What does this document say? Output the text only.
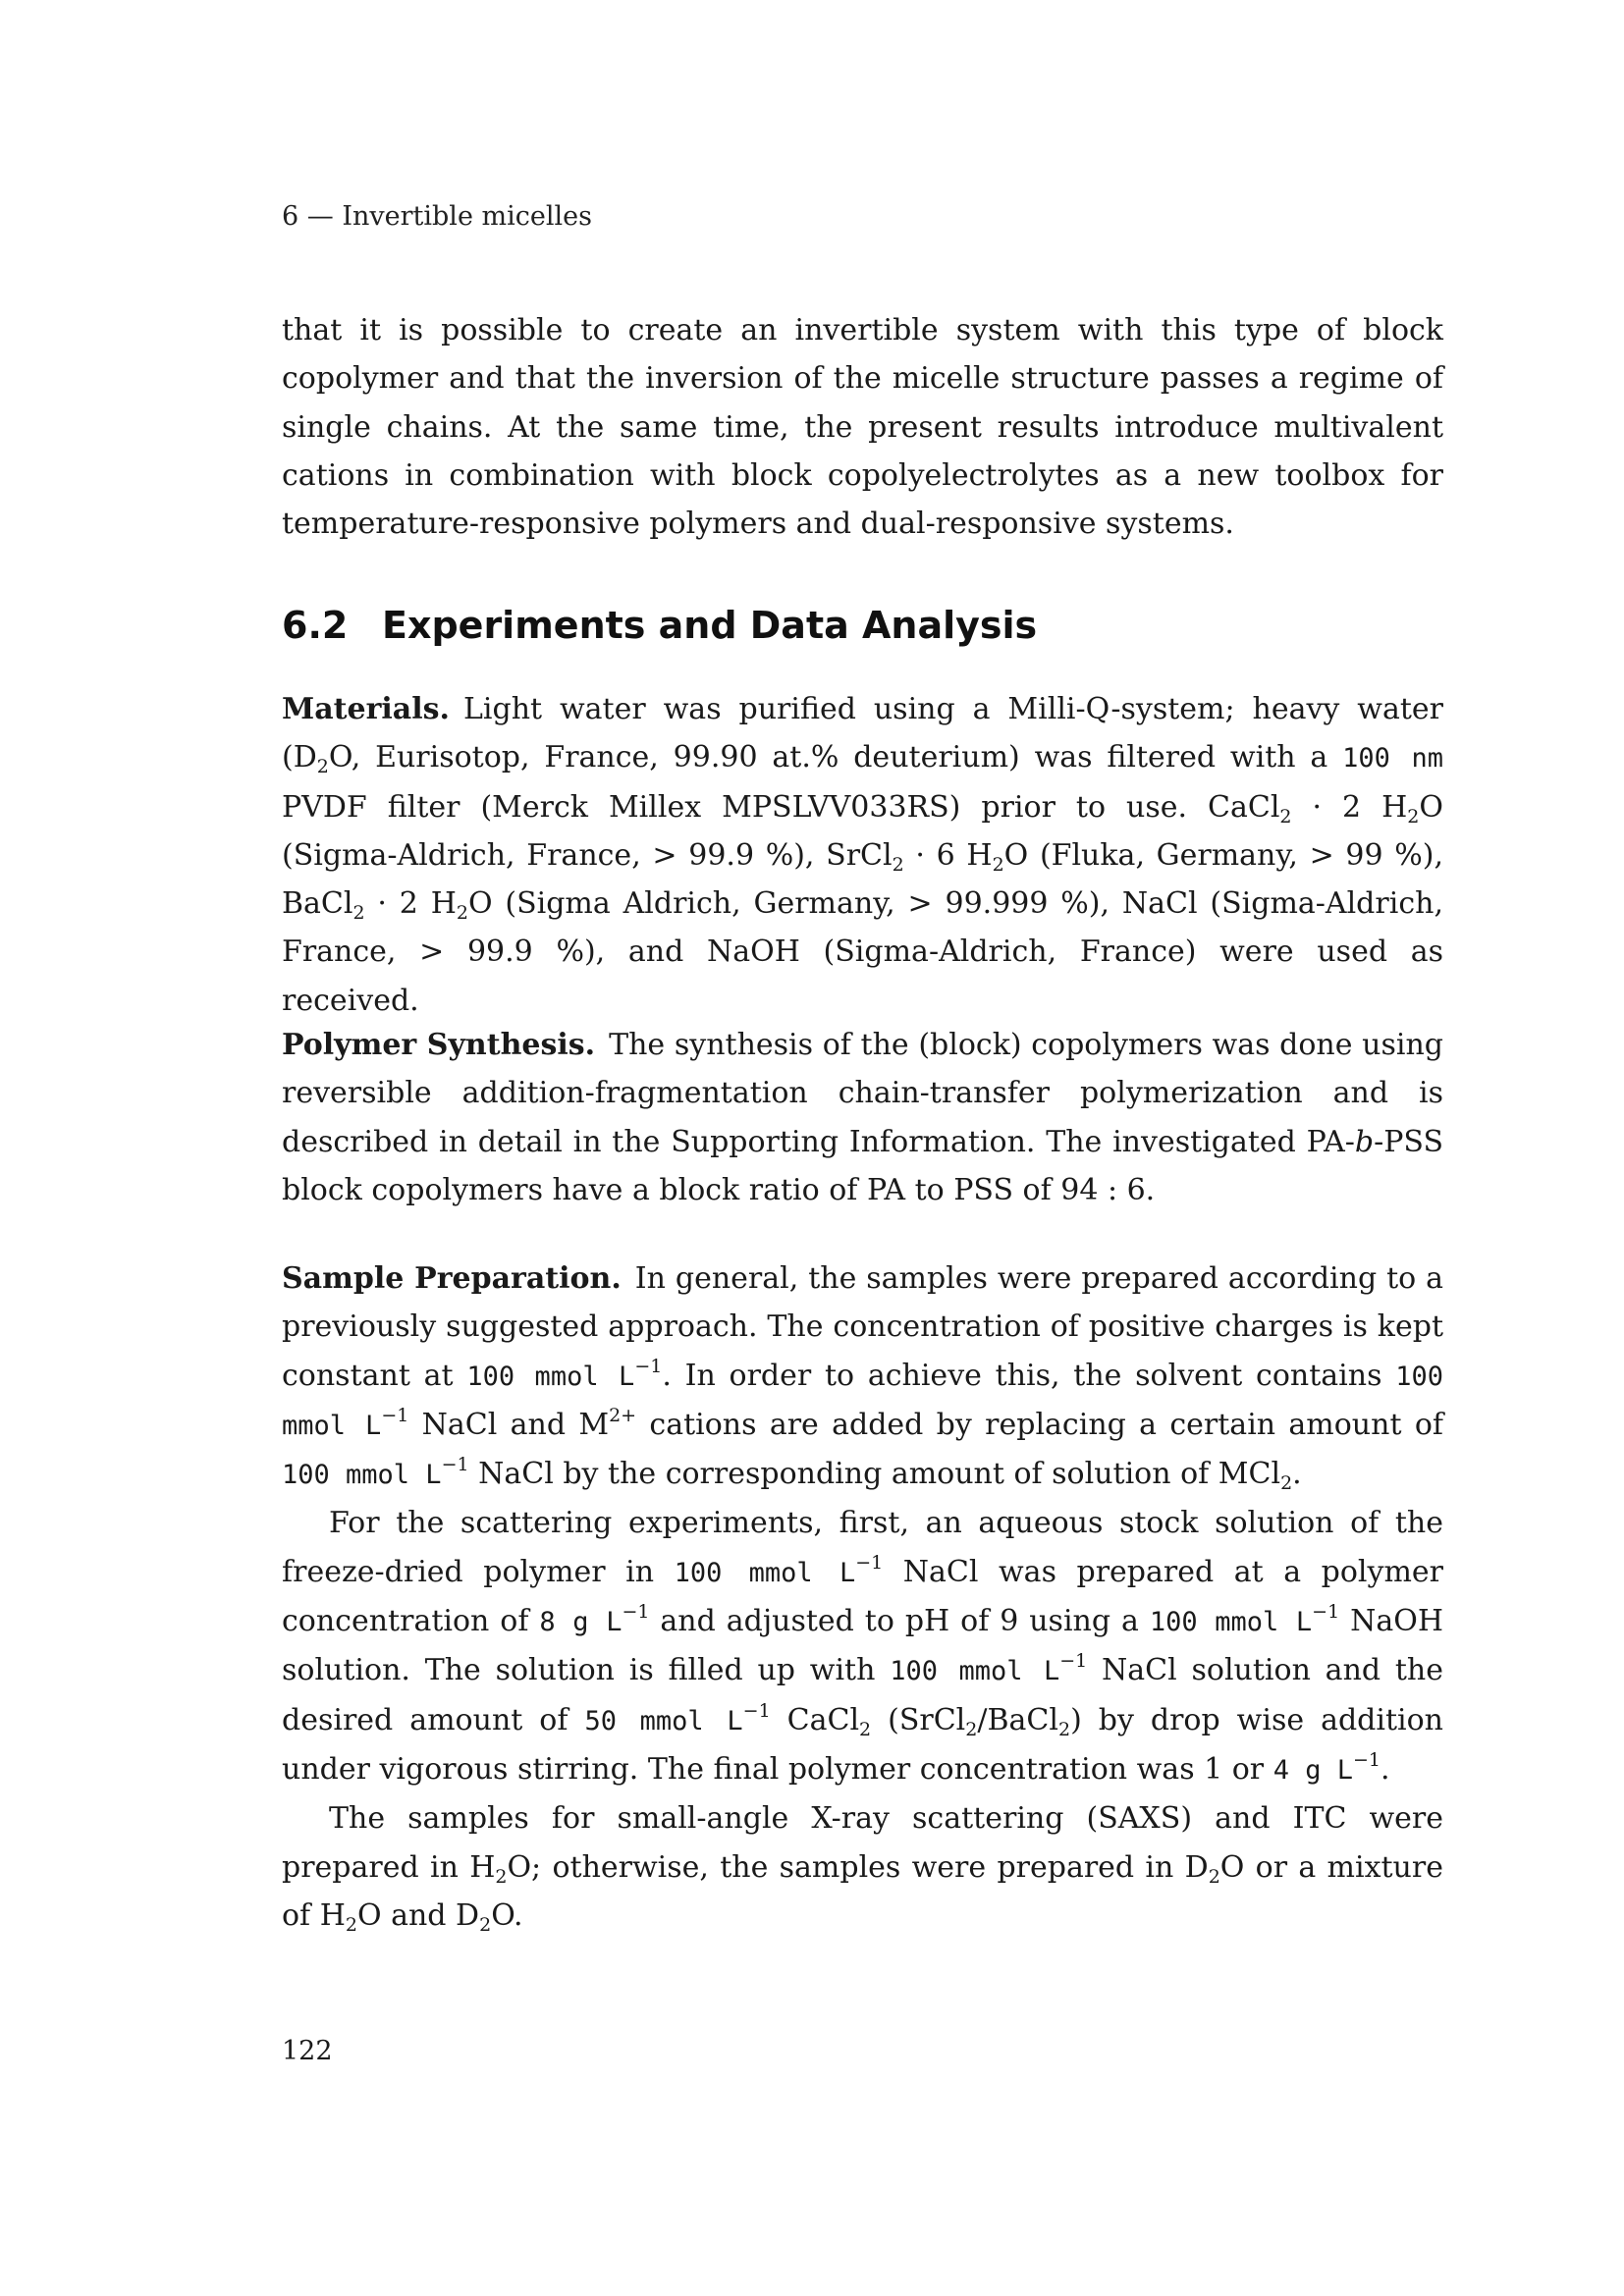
6 — Invertible micelles

that it is possible to create an invertible system with this type of block copolymer and that the inversion of the micelle structure passes a regime of single chains. At the same time, the present results introduce multivalent cations in combination with block copolyelectrolytes as a new toolbox for temperature-responsive polymers and dual-responsive systems.

6.2 Experiments and Data Analysis

Materials. Light water was purified using a Milli-Q-system; heavy water ($D_2O$, Eurisotop, France, 99.90 at.% deuterium) was filtered with a 100 nm PVDF filter (Merck Millex MPSLVV033RS) prior to use. CaCl$_2$ · 2 $H_2O$ (Sigma-Aldrich, France, > 99.9 %), SrCl$_2$ · 6 $H_2O$ (Fluka, Germany, > 99 %), BaCl$_2$ · 2 $H_2O$ (Sigma Aldrich, Germany, > 99.999 %), NaCl (Sigma-Aldrich, France, > 99.9 %), and NaOH (Sigma-Aldrich, France) were used as received.

Polymer Synthesis. The synthesis of the (block) copolymers was done using reversible addition-fragmentation chain-transfer polymerization and is described in detail in the Supporting Information. The investigated PA-b-PSS block copolymers have a block ratio of PA to PSS of 94 : 6.

Sample Preparation. In general, the samples were prepared according to a previously suggested approach. The concentration of positive charges is kept constant at 100 mmol $L^{-1}$. In order to achieve this, the solvent contains 100 mmol $L^{-1}$ NaCl and $M^{2+}$ cations are added by replacing a certain amount of 100 mmol $L^{-1}$ NaCl by the corresponding amount of solution of MCl$_2$.

For the scattering experiments, first, an aqueous stock solution of the freeze-dried polymer in 100 mmol $L^{-1}$ NaCl was prepared at a polymer concentration of 8 g $L^{-1}$ and adjusted to pH of 9 using a 100 mmol $L^{-1}$ NaOH solution. The solution is filled up with 100 mmol $L^{-1}$ NaCl solution and the desired amount of 50 mmol $L^{-1}$ CaCl$_2$ (SrCl$_2$/BaCl$_2$) by drop wise addition under vigorous stirring. The final polymer concentration was 1 or 4 g $L^{-1}$.

The samples for small-angle X-ray scattering (SAXS) and ITC were prepared in $H_2O$; otherwise, the samples were prepared in $D_2O$ or a mixture of $H_2O$ and $D_2O$.

122
